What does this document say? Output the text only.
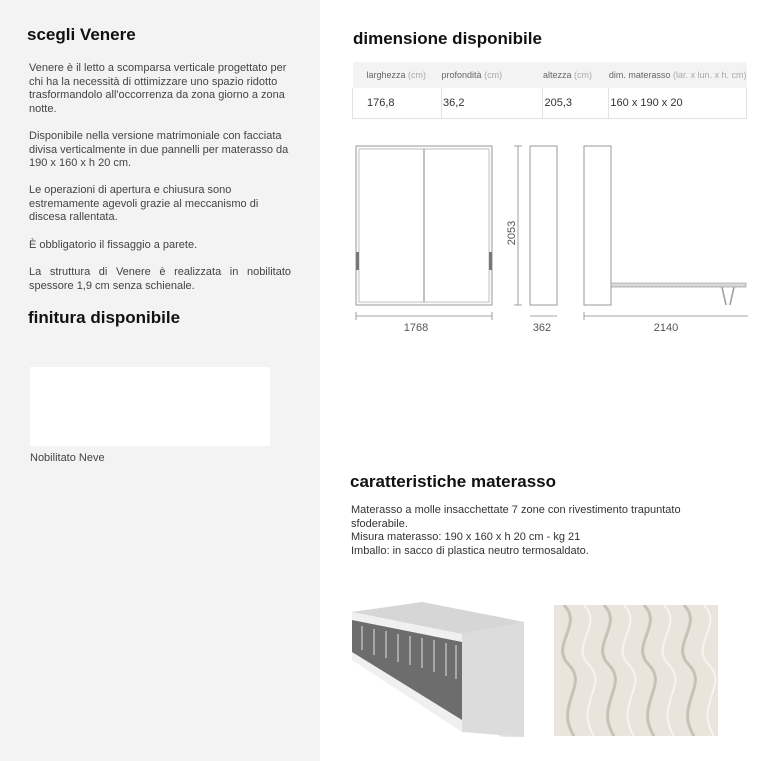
scegli Venere

Venere è il letto a scomparsa verticale progettato per chi ha la necessità di ottimizzare uno spazio ridotto trasformandolo all'occorrenza da zona giorno a zona notte.

Disponibile nella versione matrimoniale con facciata divisa verticalmente in due pannelli per materasso da 190 x 160 x h 20 cm.

Le operazioni di apertura e chiusura sono estremamente agevoli grazie al meccanismo di discesa rallentata.

È obbligatorio il fissaggio a parete.

La struttura di Venere è realizzata in nobilitato spessore 1,9 cm senza schienale.

finitura disponibile
Nobilitato Neve
dimensione disponibile
larghezza (cm)	profondità (cm)	altezza (cm)	dim. materasso (lar. x lun. x h. cm)
176,8	36,2	205,3	160 x 190 x 20
1768
2053
362	2140
caratteristiche materasso
Materasso a molle insacchettate 7 zone con rivestimento trapuntato sfoderabile.
Misura materasso: 190 x 160 x h 20 cm - kg 21
Imballo: in sacco di plastica neutro termosaldato.
